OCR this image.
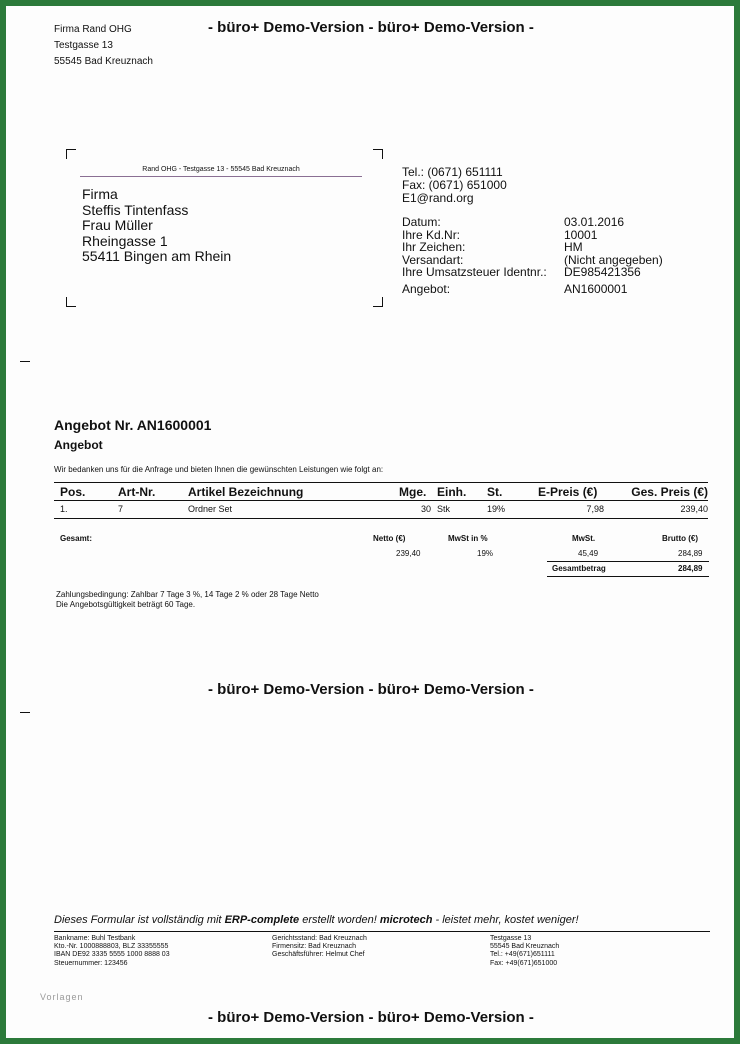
- büro+ Demo-Version - büro+ Demo-Version -
Firma Rand OHG
Testgasse 13
55545 Bad Kreuznach
Rand OHG - Testgasse 13 - 55545 Bad Kreuznach
Firma
Steffis Tintenfass
Frau Müller
Rheingasse 1
55411 Bingen am Rhein
Tel.: (0671) 651111
Fax: (0671) 651000
E1@rand.org
Datum:	03.01.2016
Ihre Kd.Nr:	10001
Ihr Zeichen:	HM
Versandart:	(Nicht angegeben)
Ihre Umsatzsteuer Identnr.:	DE985421356
Angebot:	AN1600001
Angebot Nr. AN1600001
Angebot
Wir bedanken uns für die Anfrage und bieten Ihnen die gewünschten Leistungen wie folgt an:
Pos.	Art-Nr.	Artikel Bezeichnung	Mge. Einh.	St.	E-Preis (€)	Ges. Preis (€)
1.	7	Ordner Set	30 Stk	19%	7,98	239,40
Gesamt:	Netto (€)	MwSt in %	MwSt.	Brutto (€)
239,40	19%	45,49	284,89
Gesamtbetrag	284,89
Zahlungsbedingung: Zahlbar 7 Tage 3 %, 14 Tage 2 % oder 28 Tage Netto
Die Angebotsgültigkeit beträgt 60 Tage.
- büro+ Demo-Version - büro+ Demo-Version -
Dieses Formular ist vollständig mit ERP-complete erstellt worden! microtech - leistet mehr, kostet weniger!
Bankname: Buhl Testbank
Kto.-Nr. 1000888803, BLZ 33355555
IBAN DE92 3335 5555 1000 8888 03
Steuernummer: 123456
Gerichtsstand: Bad Kreuznach
Firmensitz: Bad Kreuznach
Geschäftsführer: Helmut Chef
Testgasse 13
55545 Bad Kreuznach
Tel.: +49(671)651111
Fax: +49(671)651000
Vorlagen
- büro+ Demo-Version - büro+ Demo-Version -
